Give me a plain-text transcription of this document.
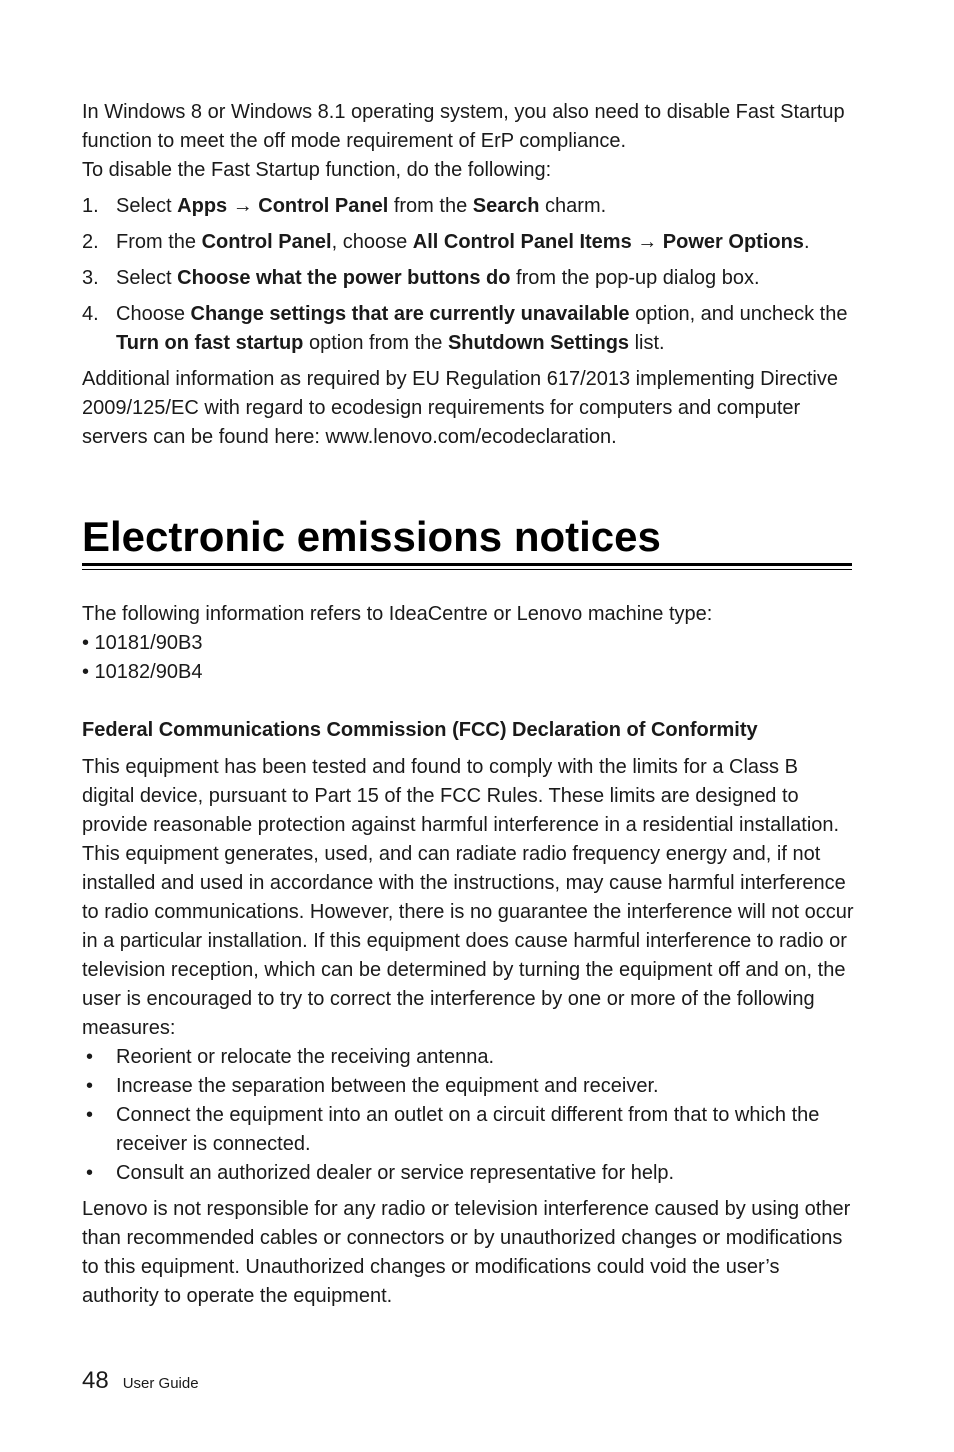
In Windows 8 or Windows 8.1 operating system, you also need to disable Fast Startup function to meet the off mode requirement of ErP compliance.

To disable the Fast Startup function, do the following:

1. Select Apps → Control Panel from the Search charm.
2. From the Control Panel, choose All Control Panel Items → Power Options.
3. Select Choose what the power buttons do from the pop-up dialog box.
4. Choose Change settings that are currently unavailable option, and uncheck the Turn on fast startup option from the Shutdown Settings list.

Additional information as required by EU Regulation 617/2013 implementing Directive 2009/125/EC with regard to ecodesign requirements for computers and computer servers can be found here: www.lenovo.com/ecodeclaration.

Electronic emissions notices

The following information refers to IdeaCentre or Lenovo machine type:

• 10181/90B3
• 10182/90B4
Federal Communications Commission (FCC) Declaration of Conformity

This equipment has been tested and found to comply with the limits for a Class B digital device, pursuant to Part 15 of the FCC Rules. These limits are designed to provide reasonable protection against harmful interference in a residential installation. This equipment generates, used, and can radiate radio frequency energy and, if not installed and used in accordance with the instructions, may cause harmful interference to radio communications. However, there is no guarantee the interference will not occur in a particular installation. If this equipment does cause harmful interference to radio or television reception, which can be determined by turning the equipment off and on, the user is encouraged to try to correct the interference by one or more of the following measures:

• Reorient or relocate the receiving antenna.
• Increase the separation between the equipment and receiver.
• Connect the equipment into an outlet on a circuit different from that to which the receiver is connected.
• Consult an authorized dealer or service representative for help.

Lenovo is not responsible for any radio or television interference caused by using other than recommended cables or connectors or by unauthorized changes or modifications to this equipment. Unauthorized changes or modifications could void the user’s authority to operate the equipment.

48 User Guide
